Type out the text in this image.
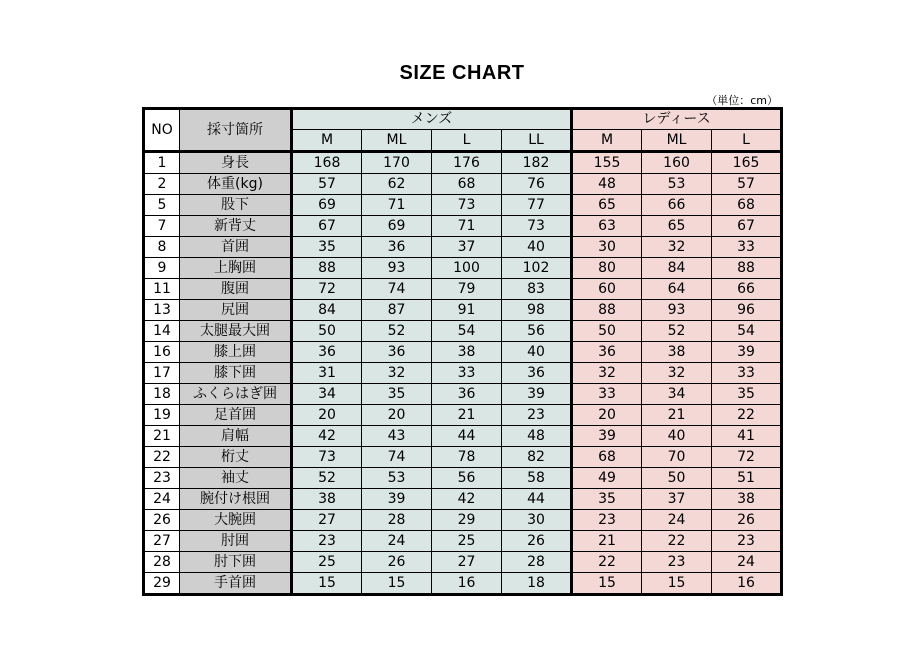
SIZE CHART
（単位：cm）
NO	採寸箇所	メンズ				レディース		
		M	ML	L	LL	M	ML	L
1	身長	168	170	176	182	155	160	165
2	体重(kg)	57	62	68	76	48	53	57
5	股下	69	71	73	77	65	66	68
7	新背丈	67	69	71	73	63	65	67
8	首囲	35	36	37	40	30	32	33
9	上胸囲	88	93	100	102	80	84	88
11	腹囲	72	74	79	83	60	64	66
13	尻囲	84	87	91	98	88	93	96
14	太腿最大囲	50	52	54	56	50	52	54
16	膝上囲	36	36	38	40	36	38	39
17	膝下囲	31	32	33	36	32	32	33
18	ふくらはぎ囲	34	35	36	39	33	34	35
19	足首囲	20	20	21	23	20	21	22
21	肩幅	42	43	44	48	39	40	41
22	桁丈	73	74	78	82	68	70	72
23	袖丈	52	53	56	58	49	50	51
24	腕付け根囲	38	39	42	44	35	37	38
26	大腕囲	27	28	29	30	23	24	26
27	肘囲	23	24	25	26	21	22	23
28	肘下囲	25	26	27	28	22	23	24
29	手首囲	15	15	16	18	15	15	16
